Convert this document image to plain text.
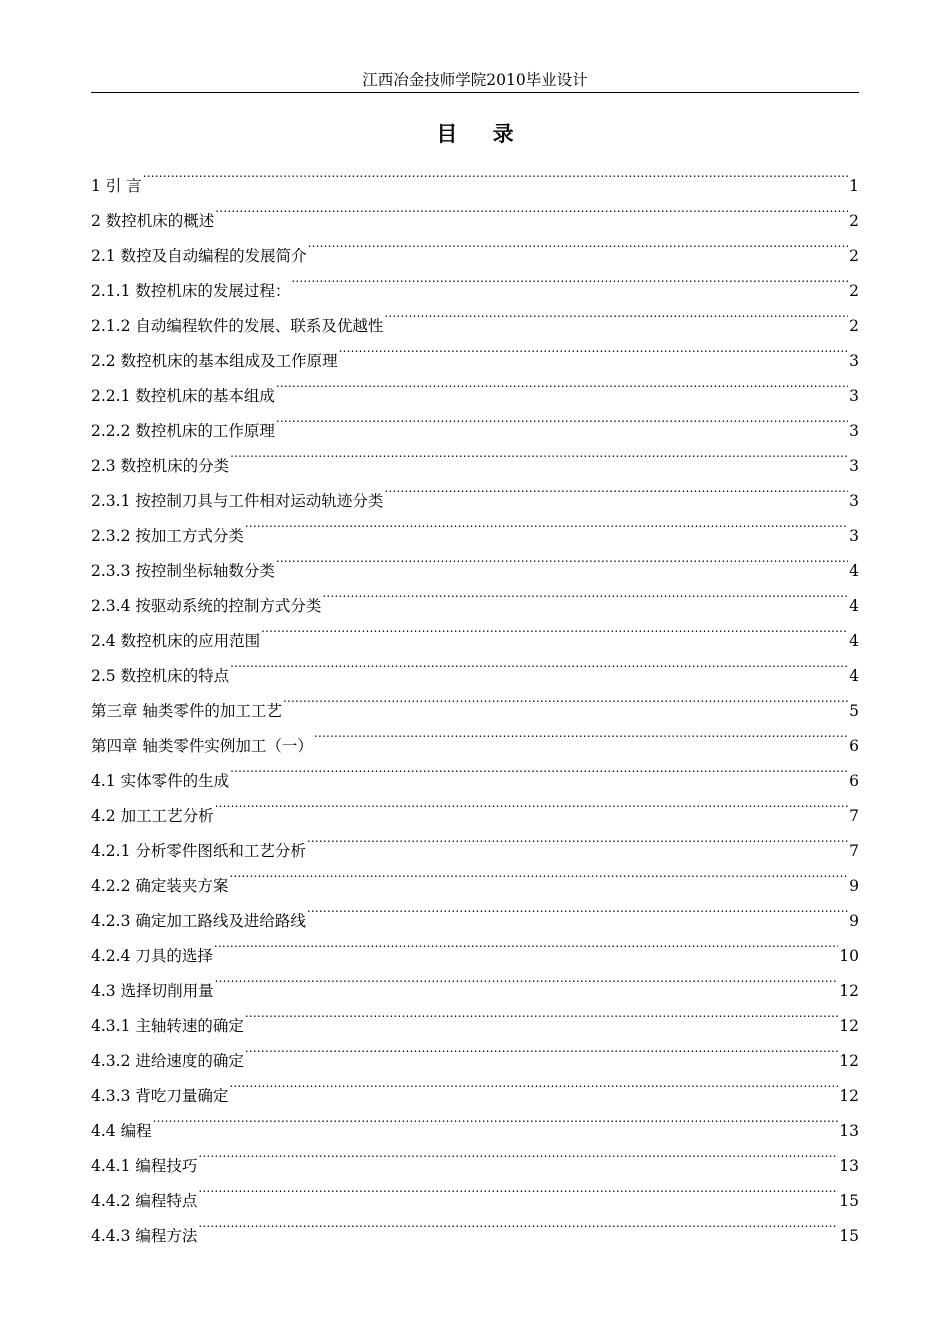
江西冶金技师学院2010毕业设计
目 录
1 引 言 .....	1
2 数控机床的概述 .....	2
2.1 数控及自动编程的发展简介 .....	2
2.1.1 数控机床的发展过程： .....	2
2.1.2 自动编程软件的发展、联系及优越性 .....	2
2.2 数控机床的基本组成及工作原理 .....	3
2.2.1 数控机床的基本组成 .....	3
2.2.2 数控机床的工作原理 .....	3
2.3 数控机床的分类 .....	3
2.3.1 按控制刀具与工件相对运动轨迹分类 .....	3
2.3.2 按加工方式分类 .....	3
2.3.3 按控制坐标轴数分类 .....	4
2.3.4 按驱动系统的控制方式分类 .....	4
2.4 数控机床的应用范围 .....	4
2.5 数控机床的特点 .....	4
第三章 轴类零件的加工工艺 .....	5
第四章 轴类零件实例加工（一） .....	6
4.1 实体零件的生成 .....	6
4.2 加工工艺分析 .....	7
4.2.1 分析零件图纸和工艺分析 .....	7
4.2.2 确定装夹方案 .....	9
4.2.3 确定加工路线及进给路线 .....	9
4.2.4 刀具的选择 .....	10
4.3 选择切削用量 .....	12
4.3.1 主轴转速的确定 .....	12
4.3.2 进给速度的确定 .....	12
4.3.3 背吃刀量确定 .....	12
4.4 编程 .....	13
4.4.1 编程技巧 .....	13
4.4.2 编程特点 .....	15
4.4.3 编程方法 .....	15
